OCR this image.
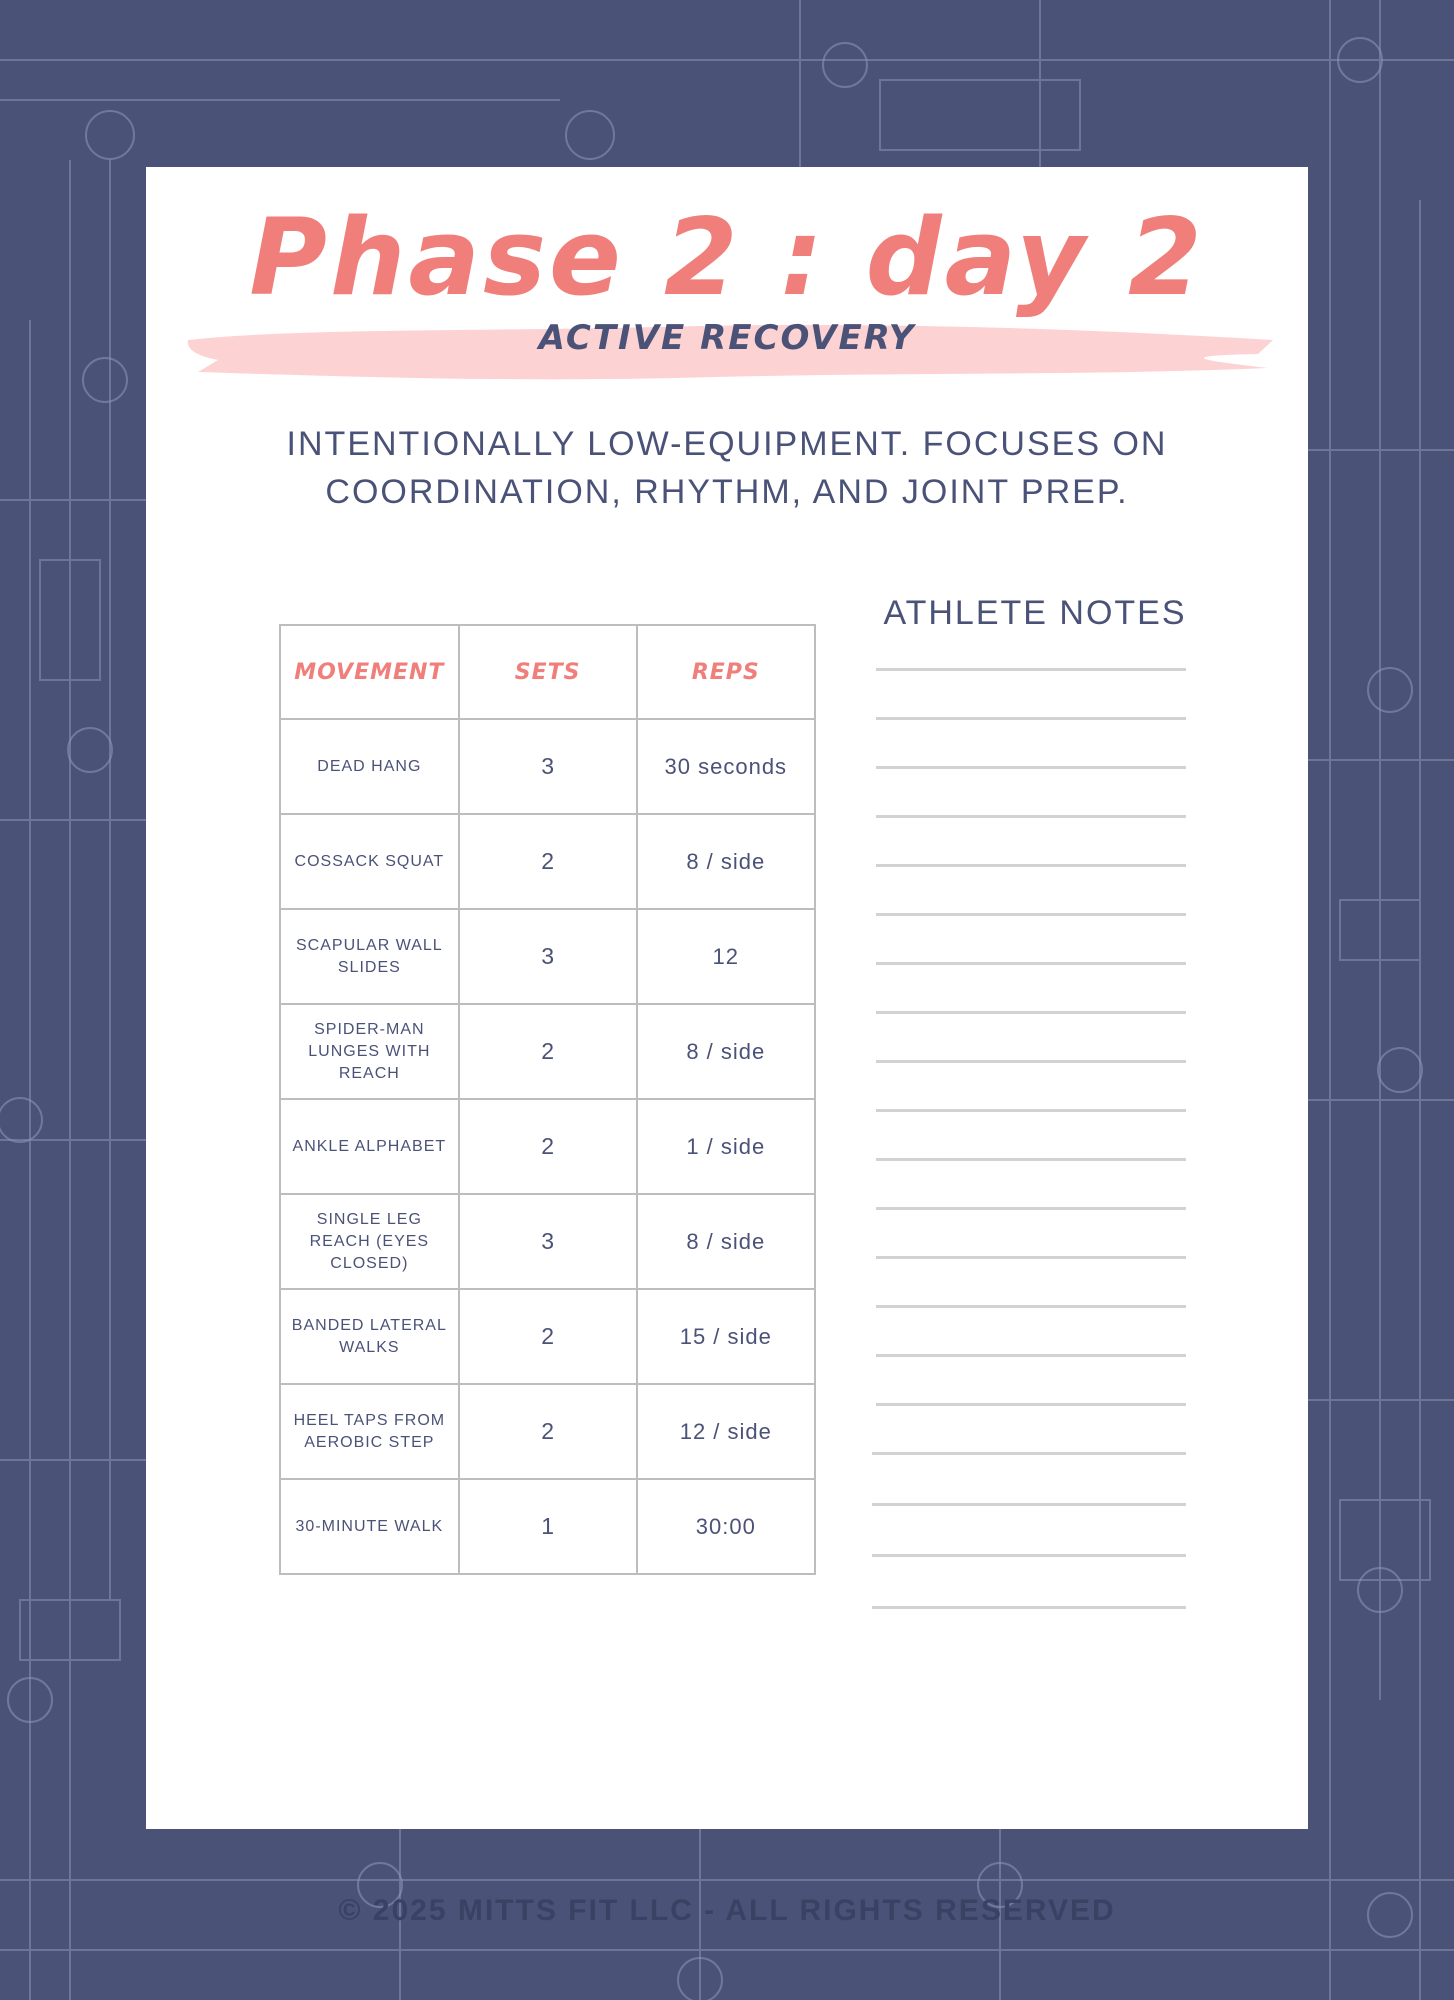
Phase 2 : day 2
ACTIVE RECOVERY
INTENTIONALLY LOW-EQUIPMENT. FOCUSES ON COORDINATION, RHYTHM, AND JOINT PREP.
MOVEMENT	SETS	REPS
DEAD HANG	3	30 seconds
COSSACK SQUAT	2	8 / side
SCAPULAR WALL SLIDES	3	12
SPIDER-MAN LUNGES WITH REACH	2	8 / side
ANKLE ALPHABET	2	1 / side
SINGLE LEG REACH (EYES CLOSED)	3	8 / side
BANDED LATERAL WALKS	2	15 / side
HEEL TAPS FROM AEROBIC STEP	2	12 / side
30-MINUTE WALK	1	30:00
ATHLETE NOTES
© 2025 MITTS FIT LLC - ALL RIGHTS RESERVED
